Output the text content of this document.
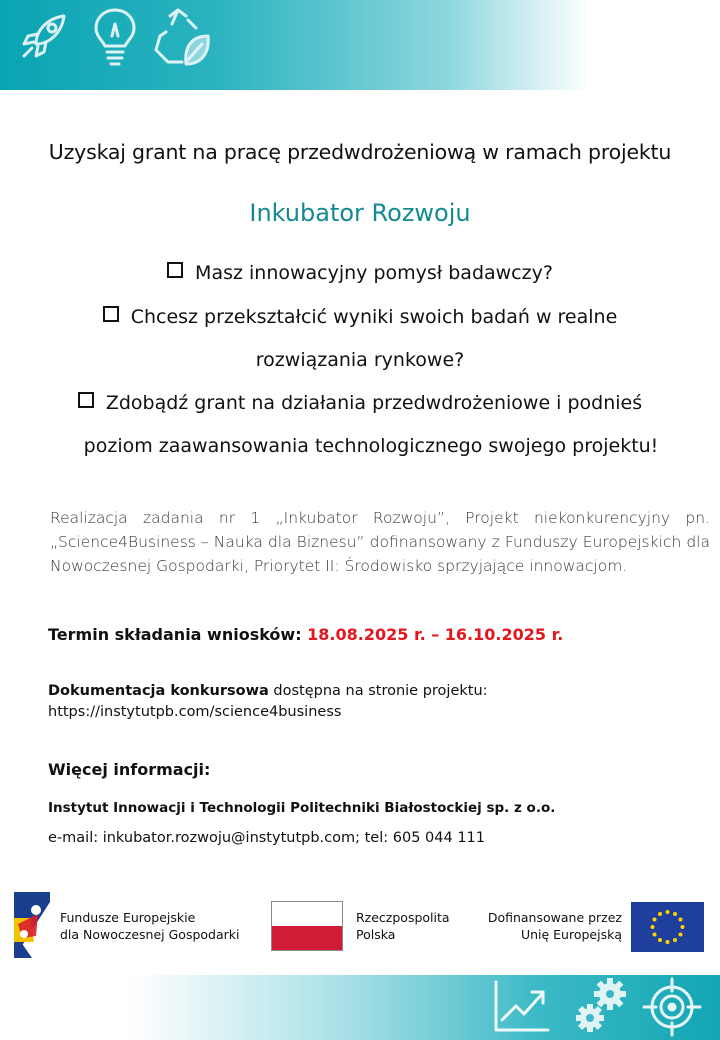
Uzyskaj grant na pracę przedwdrożeniową w ramach projektu
Inkubator Rozwoju
Masz innowacyjny pomysł badawczy?
Chcesz przekształcić wyniki swoich badań w realne
rozwiązania rynkowe?
Zdobądź grant na działania przedwdrożeniowe i podnieś
poziom zaawansowania technologicznego swojego projektu!
Realizacja zadania nr 1 „Inkubator Rozwoju”, Projekt niekonkurencyjny pn. „Science4Business – Nauka dla Biznesu” dofinansowany z Funduszy Europejskich dla Nowoczesnej Gospodarki, Priorytet II: Środowisko sprzyjające innowacjom.
Termin składania wniosków: 18.08.2025 r. – 16.10.2025 r.
Dokumentacja konkursowa dostępna na stronie projektu:
https://instytutpb.com/science4business
Więcej informacji:
Instytut Innowacji i Technologii Politechniki Białostockiej sp. z o.o.
e-mail: inkubator.rozwoju@instytutpb.com; tel: 605 044 111
Fundusze Europejskie
dla Nowoczesnej Gospodarki
Rzeczpospolita
Polska
Dofinansowane przez
Unię Europejską
